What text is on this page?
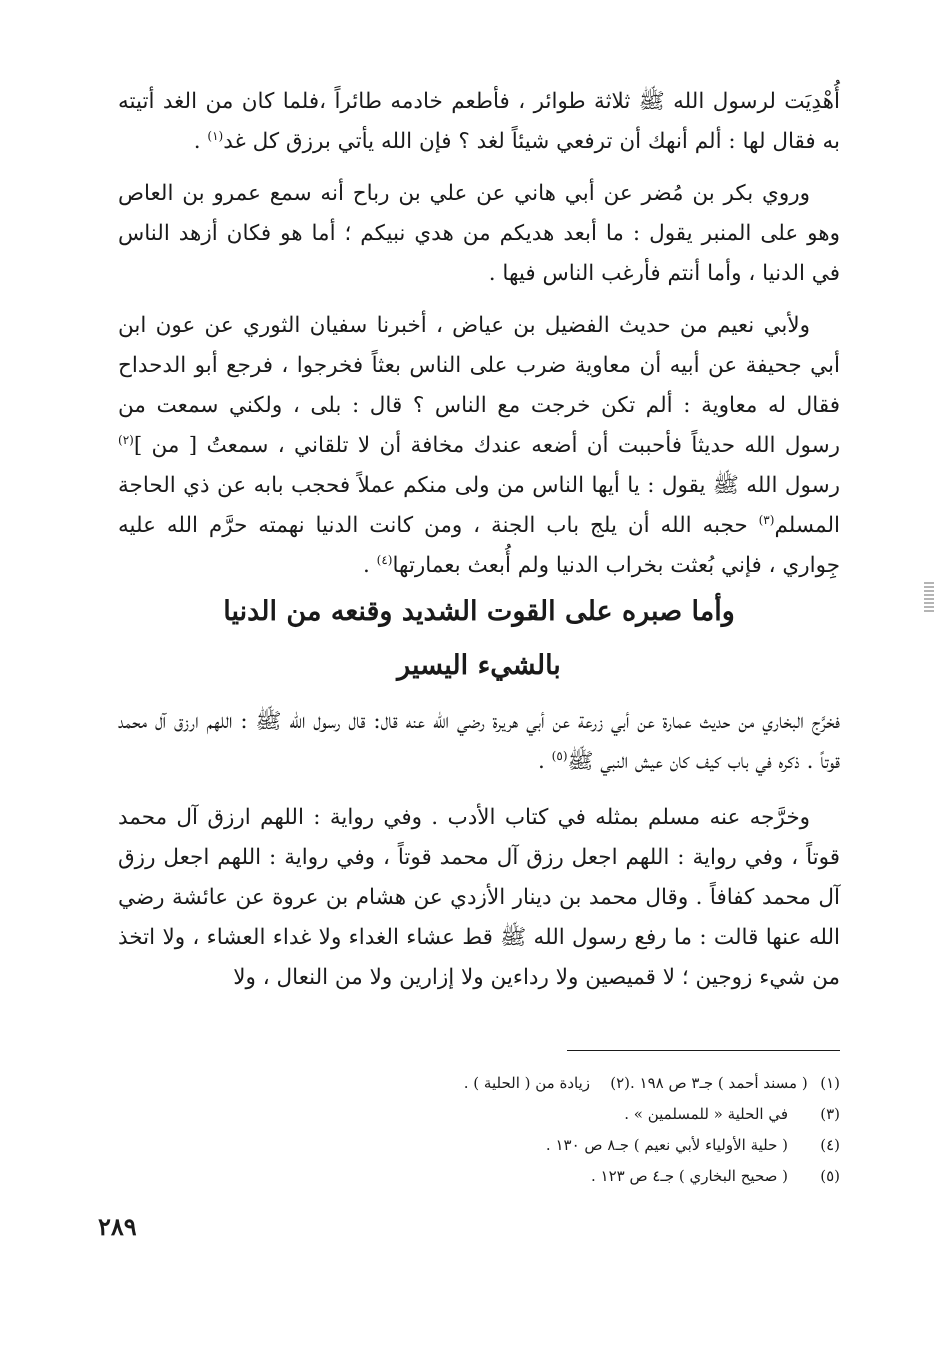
أُهْدِيَت لرسول الله ﷺ ثلاثة طوائر ، فأطعم خادمه طائراً ،فلما كان من الغد أتيته به فقال لها : ألم أنهك أن ترفعي شيئاً لغد ؟ فإن الله يأتي برزق كل غد$^{(١)}$ .

وروي بكر بن مُضر عن أبي هاني عن علي بن رباح أنه سمع عمرو بن العاص وهو على المنبر يقول : ما أبعد هديكم من هدي نبيكم ؛ أما هو فكان أزهد الناس في الدنيا ، وأما أنتم فأرغب الناس فيها .

ولأبي نعيم من حديث الفضيل بن عياض ، أخبرنا سفيان الثوري عن عون ابن أبي جحيفة عن أبيه أن معاوية ضرب على الناس بعثاً فخرجوا ، فرجع أبو الدحداح فقال له معاوية : ألم تكن خرجت مع الناس ؟ قال : بلى ، ولكني سمعت من رسول الله حديثاً فأحببت أن أضعه عندك مخافة أن لا تلقاني ، سمعتُ [ من ]$^{(٢)}$ رسول الله ﷺ يقول : يا أيها الناس من ولى منكم عملاً فحجب بابه عن ذي الحاجة المسلم$^{(٣)}$ حجبه الله أن يلج باب الجنة ، ومن كانت الدنيا نهمته حرَّم الله عليه جِواري ، فإني بُعثت بخراب الدنيا ولم أُبعث بعمارتها$^{(٤)}$ .

وأما صبره على القوت الشديد وقنعه من الدنيا
بالشيء اليسير

فخرَّج البخاري من حديث عمارة عن أبي زرعة عن أبي هريرة رضي الله عنه قال: قال رسول الله ﷺ : اللهم ارزق آل محمد قوتاً . ذكره في باب كيف كان عيش النبي ﷺ$^{(٥)}$ .

وخرَّجه عنه مسلم بمثله في كتاب الأدب . وفي رواية : اللهم ارزق آل محمد قوتاً ، وفي رواية : اللهم اجعل رزق آل محمد قوتاً ، وفي رواية : اللهم اجعل رزق آل محمد كفافاً . وقال محمد بن دينار الأزدي عن هشام بن عروة عن عائشة رضي الله عنها قالت : ما رفع رسول الله ﷺ قط عشاء الغداء ولا غداء العشاء ، ولا اتخذ من شيء زوجين ؛ لا قميصين ولا رداءين ولا إزارين ولا من النعال ، ولا

(١)
( مسند أحمد ) جـ٣ ص ١٩٨ .
(٢)
زيادة من ( الحلية ) .
(٣)
في الحلية « للمسلمين » .
(٤)
( حلية الأولياء لأبي نعيم ) جـ٨ ص ١٣٠ .
(٥)
( صحيح البخاري ) جـ٤ ص ١٢٣ .
٢٨٩
